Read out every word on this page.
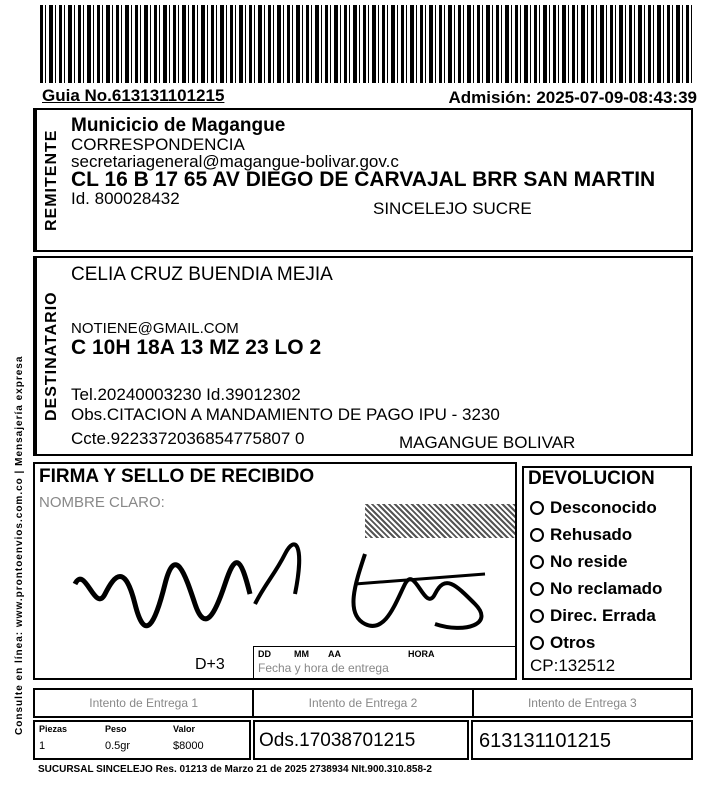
Guia No.613131101215	Admisión: 2025-07-09-08:43:39
Consulte en línea: www.prontoenvios.com.co | Mensajería expresa
REMITENTE
Municicio de Magangue
CORRESPONDENCIA
secretariageneral@magangue-bolivar.gov.c
CL 16 B 17 65 AV DIEGO DE CARVAJAL BRR SAN MARTIN
Id. 800028432
SINCELEJO SUCRE
DESTINATARIO
CELIA CRUZ BUENDIA MEJIA
NOTIENE@GMAIL.COM
C 10H 18A 13 MZ 23 LO 2
Tel.20240003230 Id.39012302
Obs.CITACION A MANDAMIENTO DE PAGO IPU - 3230
Ccte.9223372036854775807 0	MAGANGUE BOLIVAR
FIRMA Y SELLO DE RECIBIDO
NOMBRE CLARO:
D+3
DD	MM AA	HORA
Fecha y hora de entrega
DEVOLUCION
Desconocido
Rehusado
No reside
No reclamado
Direc. Errada
Otros
CP:132512
Intento de Entrega 1	Intento de Entrega 2	Intento de Entrega 3
Piezas	Peso	Valor
1	0.5gr	$8000	Ods.17038701215	613131101215
SUCURSAL SINCELEJO Res. 01213 de Marzo 21 de 2025 2738934 NIt.900.310.858-2
